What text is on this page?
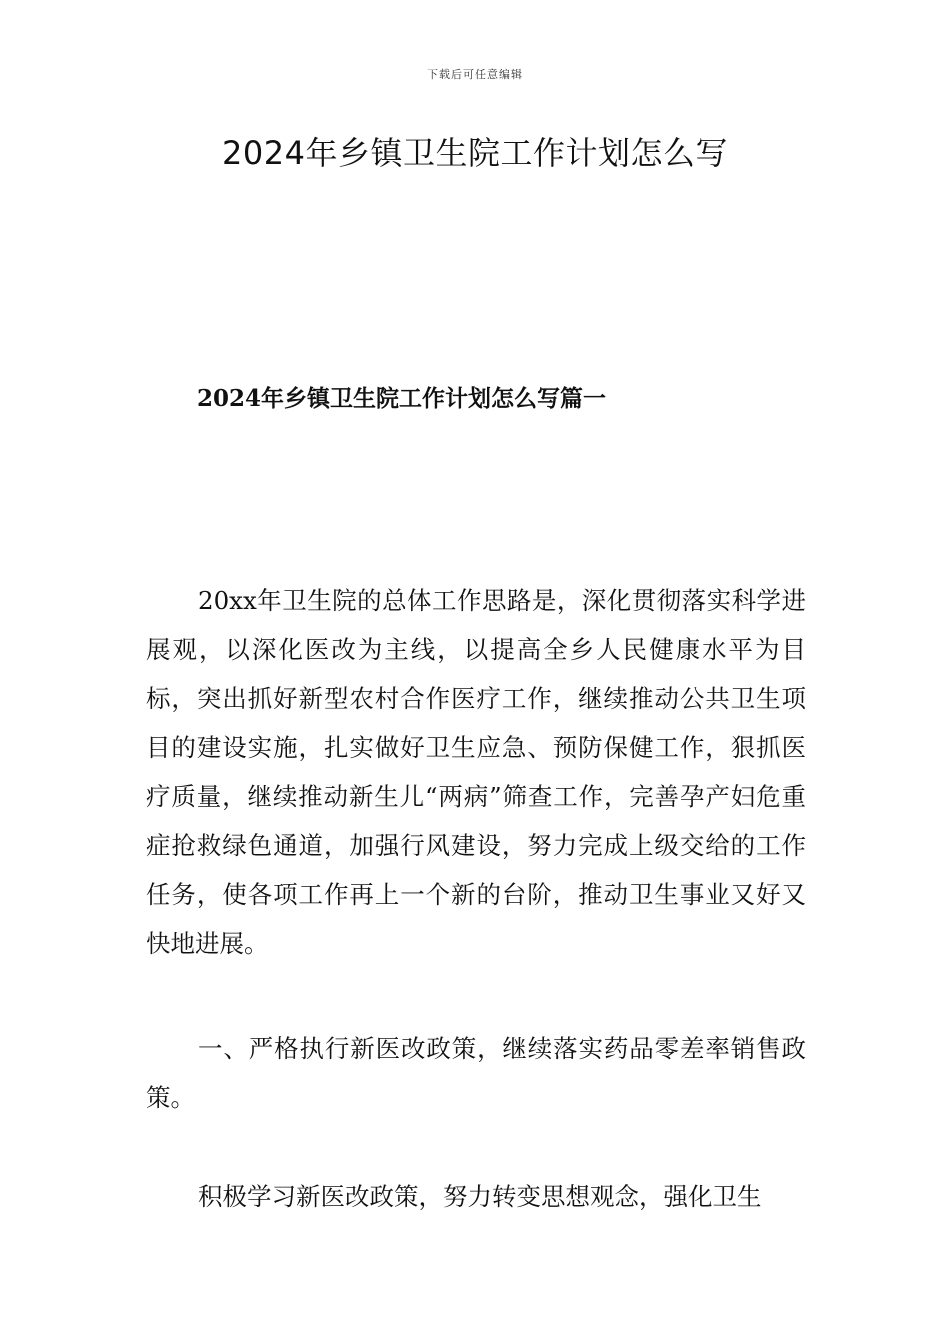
下载后可任意编辑
2024年乡镇卫生院工作计划怎么写
2024年乡镇卫生院工作计划怎么写篇一

20xx年卫生院的总体工作思路是，深化贯彻落实科学进展观，以深化医改为主线，以提高全乡人民健康水平为目标，突出抓好新型农村合作医疗工作，继续推动公共卫生项目的建设实施，扎实做好卫生应急、预防保健工作，狠抓医疗质量，继续推动新生儿“两病”筛查工作，完善孕产妇危重症抢救绿色通道，加强行风建设，努力完成上级交给的工作任务，使各项工作再上一个新的台阶，推动卫生事业又好又快地进展。

一、严格执行新医改政策，继续落实药品零差率销售政策。

积极学习新医改政策，努力转变思想观念，强化卫生
